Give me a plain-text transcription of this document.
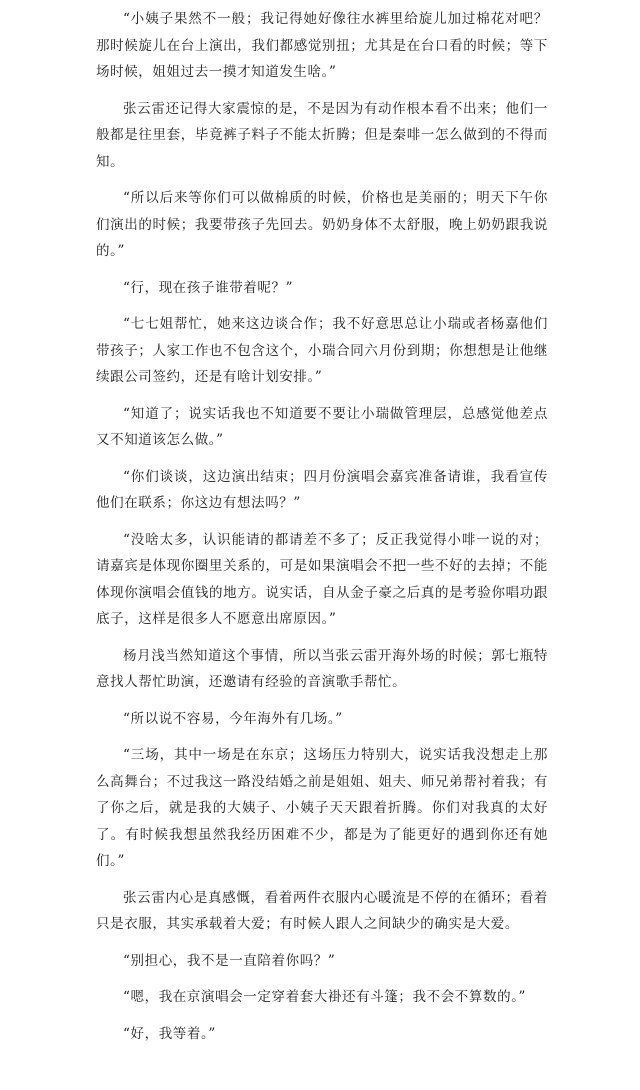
“小姨子果然不一般；我记得她好像往水裤里给旋儿加过棉花对吧？那时候旋儿在台上演出，我们都感觉别扭；尤其是在台口看的时候；等下场时候，姐姐过去一摸才知道发生啥。”

张云雷还记得大家震惊的是，不是因为有动作根本看不出来；他们一般都是往里套，毕竟裤子料子不能太折腾；但是秦啡一怎么做到的不得而知。

“所以后来等你们可以做棉质的时候，价格也是美丽的；明天下午你们演出的时候；我要带孩子先回去。奶奶身体不太舒服，晚上奶奶跟我说的。”

“行，现在孩子谁带着呢？”

“七七姐帮忙，她来这边谈合作；我不好意思总让小瑞或者杨嘉他们带孩子；人家工作也不包含这个，小瑞合同六月份到期；你想想是让他继续跟公司签约，还是有啥计划安排。”

“知道了；说实话我也不知道要不要让小瑞做管理层，总感觉他差点又不知道该怎么做。”

“你们谈谈，这边演出结束；四月份演唱会嘉宾准备请谁，我看宣传他们在联系；你这边有想法吗？”

“没啥太多，认识能请的都请差不多了；反正我觉得小啡一说的对；请嘉宾是体现你圈里关系的，可是如果演唱会不把一些不好的去掉；不能体现你演唱会值钱的地方。说实话，自从金子豪之后真的是考验你唱功跟底子，这样是很多人不愿意出席原因。”

杨月浅当然知道这个事情，所以当张云雷开海外场的时候；郭七瓶特意找人帮忙助演，还邀请有经验的音演歌手帮忙。

“所以说不容易，今年海外有几场。”

“三场，其中一场是在东京；这场压力特别大，说实话我没想走上那么高舞台；不过我这一路没结婚之前是姐姐、姐夫、师兄弟帮衬着我；有了你之后，就是我的大姨子、小姨子天天跟着折腾。你们对我真的太好了。有时候我想虽然我经历困难不少，都是为了能更好的遇到你还有她们。”

张云雷内心是真感慨，看着两件衣服内心暖流是不停的在循环；看着只是衣服，其实承载着大爱；有时候人跟人之间缺少的确实是大爱。

“别担心，我不是一直陪着你吗？”

“嗯，我在京演唱会一定穿着套大褂还有斗篷；我不会不算数的。”

“好，我等着。”
